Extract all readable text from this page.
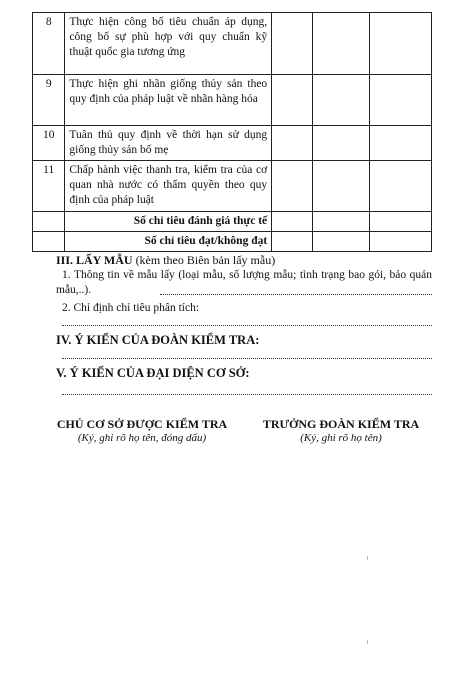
8	Thực hiện công bố tiêu chuẩn áp dụng, công bố sự phù hợp với quy chuẩn kỹ thuật quốc gia tương ứng			
9	Thực hiện ghi nhãn giống thủy sản theo quy định của pháp luật về nhãn hàng hóa			
10	Tuân thủ quy định về thời hạn sử dụng giống thủy sản bố mẹ			
11	Chấp hành việc thanh tra, kiểm tra của cơ quan nhà nước có thẩm quyền theo quy định của pháp luật			
	Số chỉ tiêu đánh giá thực tế			
	Số chỉ tiêu đạt/không đạt			
III. LẤY MẪU (kèm theo Biên bản lấy mẫu)
1. Thông tin về mẫu lấy (loại mẫu, số lượng mẫu; tình trạng bao gói, bảo quản mẫu,..).
2. Chỉ định chỉ tiêu phân tích:
IV. Ý KIẾN CỦA ĐOÀN KIỂM TRA:
V. Ý KIẾN CỦA ĐẠI DIỆN CƠ SỞ:
CHỦ CƠ SỞ ĐƯỢC KIỂM TRA
(Ký, ghi rõ họ tên, đóng dấu)
TRƯỞNG ĐOÀN KIỂM TRA
(Ký, ghi rõ họ tên)
